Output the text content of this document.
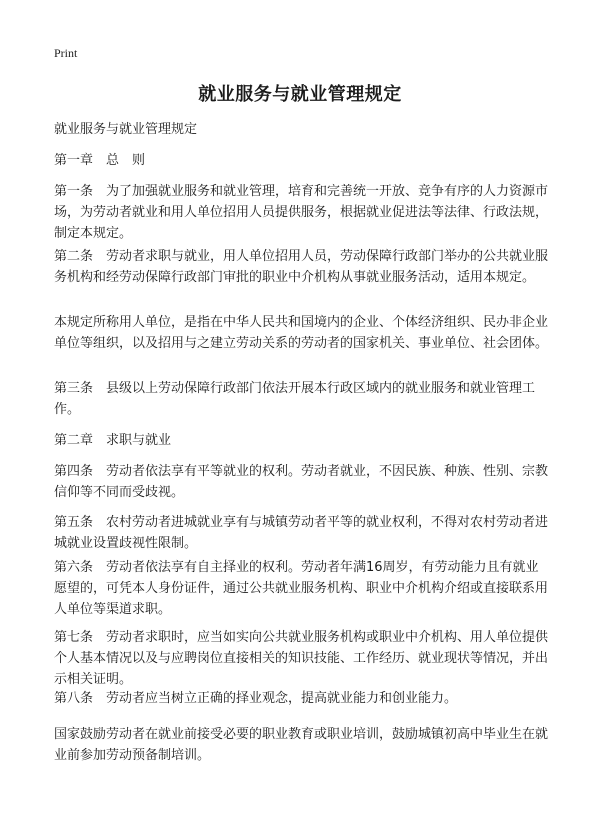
Print
就业服务与就业管理规定

就业服务与就业管理规定

第一章　总　则

第一条　为了加强就业服务和就业管理，培育和完善统一开放、竞争有序的人力资源市场，为劳动者就业和用人单位招用人员提供服务，根据就业促进法等法律、行政法规，制定本规定。

第二条　劳动者求职与就业，用人单位招用人员，劳动保障行政部门举办的公共就业服务机构和经劳动保障行政部门审批的职业中介机构从事就业服务活动，适用本规定。

本规定所称用人单位，是指在中华人民共和国境内的企业、个体经济组织、民办非企业单位等组织，以及招用与之建立劳动关系的劳动者的国家机关、事业单位、社会团体。

第三条　县级以上劳动保障行政部门依法开展本行政区域内的就业服务和就业管理工作。

第二章　求职与就业

第四条　劳动者依法享有平等就业的权利。劳动者就业，不因民族、种族、性别、宗教信仰等不同而受歧视。

第五条　农村劳动者进城就业享有与城镇劳动者平等的就业权利，不得对农村劳动者进城就业设置歧视性限制。

第六条　劳动者依法享有自主择业的权利。劳动者年满16周岁，有劳动能力且有就业愿望的，可凭本人身份证件，通过公共就业服务机构、职业中介机构介绍或直接联系用人单位等渠道求职。

第七条　劳动者求职时，应当如实向公共就业服务机构或职业中介机构、用人单位提供个人基本情况以及与应聘岗位直接相关的知识技能、工作经历、就业现状等情况，并出示相关证明。

第八条　劳动者应当树立正确的择业观念，提高就业能力和创业能力。

国家鼓励劳动者在就业前接受必要的职业教育或职业培训，鼓励城镇初高中毕业生在就业前参加劳动预备制培训。
